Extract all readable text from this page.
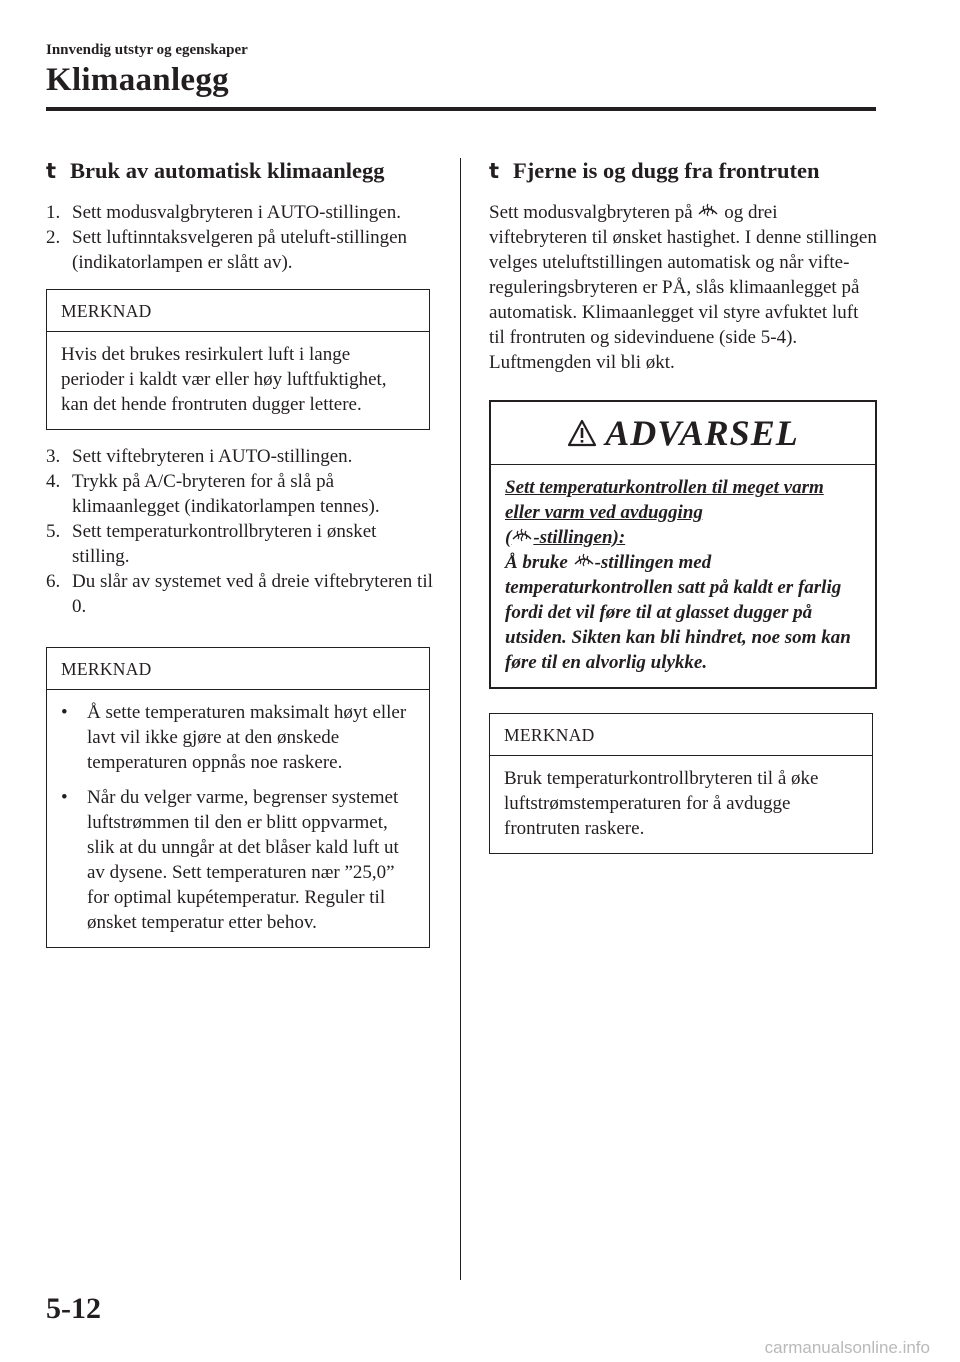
Innvendig utstyr og egenskaper
Klimaanlegg
t Bruk av automatisk klimaanlegg
1. Sett modusvalgbryteren i AUTO-stillingen.
2. Sett luftinntaksvelgeren på uteluft-stillingen (indikatorlampen er slått av).
MERKNAD

Hvis det brukes resirkulert luft i lange perioder i kaldt vær eller høy luftfuktighet, kan det hende frontruten dugger lettere.

3. Sett viftebryteren i AUTO-stillingen.
4. Trykk på A/C-bryteren for å slå på klimaanlegget (indikatorlampen tennes).
5. Sett temperaturkontrollbryteren i ønsket stilling.
6. Du slår av systemet ved å dreie viftebryteren til 0.
MERKNAD
•	Å sette temperaturen maksimalt høyt eller lavt vil ikke gjøre at den ønskede temperaturen oppnås noe raskere.
•	Når du velger varme, begrenser systemet luftstrømmen til den er blitt oppvarmet, slik at du unngår at det blåser kald luft ut av dysene. Sett temperaturen nær ”25,0” for optimal kupétemperatur. Reguler til ønsket temperatur etter behov.
t Fjerne is og dugg fra frontruten

Sett modusvalgbryteren på og drei viftebryteren til ønsket hastighet. I denne stillingen velges uteluftstillingen automatisk og når viftereguleringsbryteren er PÅ, slås klimaanlegget på automatisk. Klimaanlegget vil styre avfuktet luft til frontruten og sidevinduene (side 5-4). Luftmengden vil bli økt.

ADVARSEL

Sett temperaturkontrollen til meget varm eller varm ved avdugging

( -stillingen):

Å bruke -stillingen med temperaturkontrollen satt på kaldt er farlig fordi det vil føre til at glasset dugger på utsiden. Sikten kan bli hindret, noe som kan føre til en alvorlig ulykke.

MERKNAD

Bruk temperaturkontrollbryteren til å øke luftstrømstemperaturen for å avdugge frontruten raskere.

5-12
carmanualsonline.info
